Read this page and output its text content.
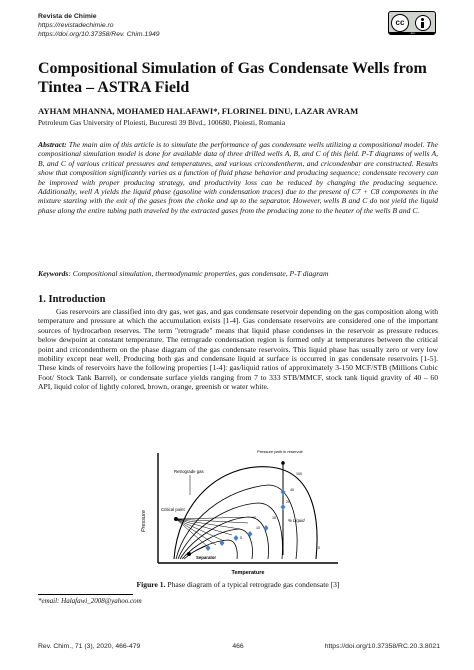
Revista de Chimie
https://revistadechimie.ro
https://doi.org/10.37358/Rev. Chim.1949
cc
BY
Compositional Simulation of Gas Condensate Wells from Tintea – ASTRA Field
AYHAM MHANNA, MOHAMED HALAFAWI*, FLORINEL DINU, LAZAR AVRAM
Petroleum Gas University of Ploiesti, Bucuresti 39 Blvd., 100680, Ploiesti, Romania
Abstract: The main aim of this article is to simulate the performance of gas condensate wells utilizing a compositional model. The compositional simulation model is done for available data of three drilled wells A, B, and C of this field. P-T diagrams of wells A, B, and C of various critical pressures and temperatures, and various cricondentherm, and cricondenbar are constructed. Results show that composition significantly varies as a function of fluid phase behavior and producing sequence; condensate recovery can be improved with proper producing strategy, and productivity loss can be reduced by changing the producing sequence. Additionally, well A yields the liquid phase (gasoline with condensation traces) due to the present of C7 + C8 components in the mixture starting with the exit of the gases from the choke and up to the separator. However, wells B and C do not yield the liquid phase along the entire tubing path traveled by the extracted gases from the producing zone to the heater of the wells B and C.
Keywords: Compositional simulation, thermodynamic properties, gas condensate, P-T diagram
1. Introduction

Gas reservoirs are classified into dry gas, wet gas, and gas condensate reservoir depending on the gas composition along with temperature and pressure at which the accumulation exists [1-4]. Gas condensate reservoirs are considered one of the important sources of hydrocarbon reserves. The term "retrograde" means that liquid phase condenses in the reservoir as pressure reduces below dewpoint at constant temperature. The retrograde condensation region is formed only at temperatures between the critical point and cricondentherm on the phase diagram of the gas condensate reservoirs. This liquid phase has usually zero or very low mobility except near well. Producing both gas and condensate liquid at surface is occurred in gas condensate reservoirs [1-5]. These kinds of reservoirs have the following properties [1-4]: gas/liquid ratios of approximately 3-150 MCF/STB (Millions Cubic Foot/ Stock Tank Barrel), or condensate surface yields ranging from 7 to 333 STB/MMCF, stock tank liquid gravity of 40 – 60 API, liquid color of lightly colored, brown, orange, greenish or water white.

Pressure
Temperature
Pressure path in reservoir
Retrograde gas
Critical point
% Liquid
Separator
100
40
20
15
10
5
0
Figure 1. Phase diagram of a typical retrograde gas condensate [3]
*email: Halafawi_2008@yahoo.com
Rev. Chim., 71 (3), 2020, 466-479	466	https://doi.org/10.37358/RC.20.3.8021
